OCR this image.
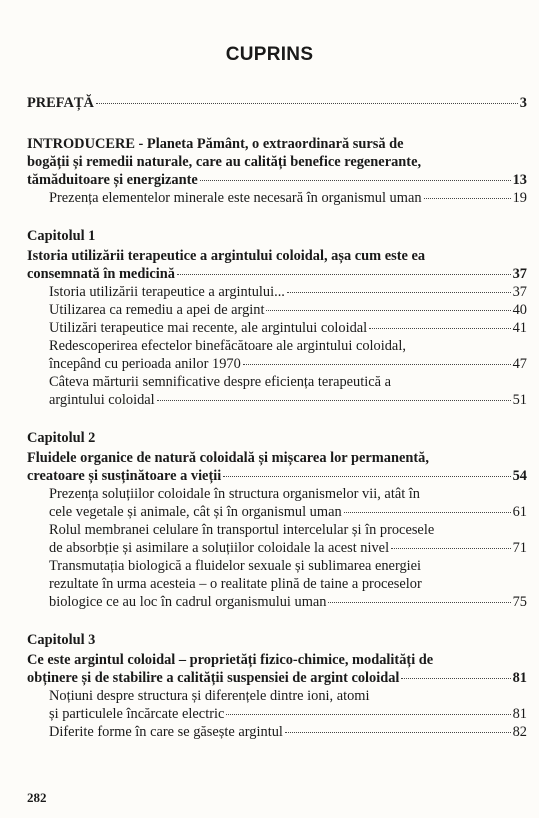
CUPRINS
PREFAȚĂ	3
INTRODUCERE - Planeta Pământ, o extraordinară sursă de
bogății și remedii naturale, care au calități benefice regenerante,
tămăduitoare și energizante	13
Prezența elementelor minerale este necesară în organismul uman	19
Capitolul 1
Istoria utilizării terapeutice a argintului coloidal, așa cum este ea
consemnată în medicină	37
Istoria utilizării terapeutice a argintului...	37
Utilizarea ca remediu a apei de argint	40
Utilizări terapeutice mai recente, ale argintului coloidal	41
Redescoperirea efectelor binefăcătoare ale argintului coloidal,
începând cu perioada anilor 1970	47
Câteva mărturii semnificative despre eficiența terapeutică a
argintului coloidal	51
Capitolul 2
Fluidele organice de natură coloidală și mișcarea lor permanentă,
creatoare și susținătoare a vieții	54
Prezența soluțiilor coloidale în structura organismelor vii, atât în
cele vegetale și animale, cât și în organismul uman	61
Rolul membranei celulare în transportul intercelular și în procesele
de absorbție și asimilare a soluțiilor coloidale la acest nivel	71
Transmutația biologică a fluidelor sexuale și sublimarea energiei
rezultate în urma acesteia – o realitate plină de taine a proceselor
biologice ce au loc în cadrul organismului uman	75
Capitolul 3
Ce este argintul coloidal – proprietăți fizico-chimice, modalități de
obținere și de stabilire a calității suspensiei de argint coloidal	81
Noțiuni despre structura și diferențele dintre ioni, atomi
și particulele încărcate electric	81
Diferite forme în care se găsește argintul	82
282
